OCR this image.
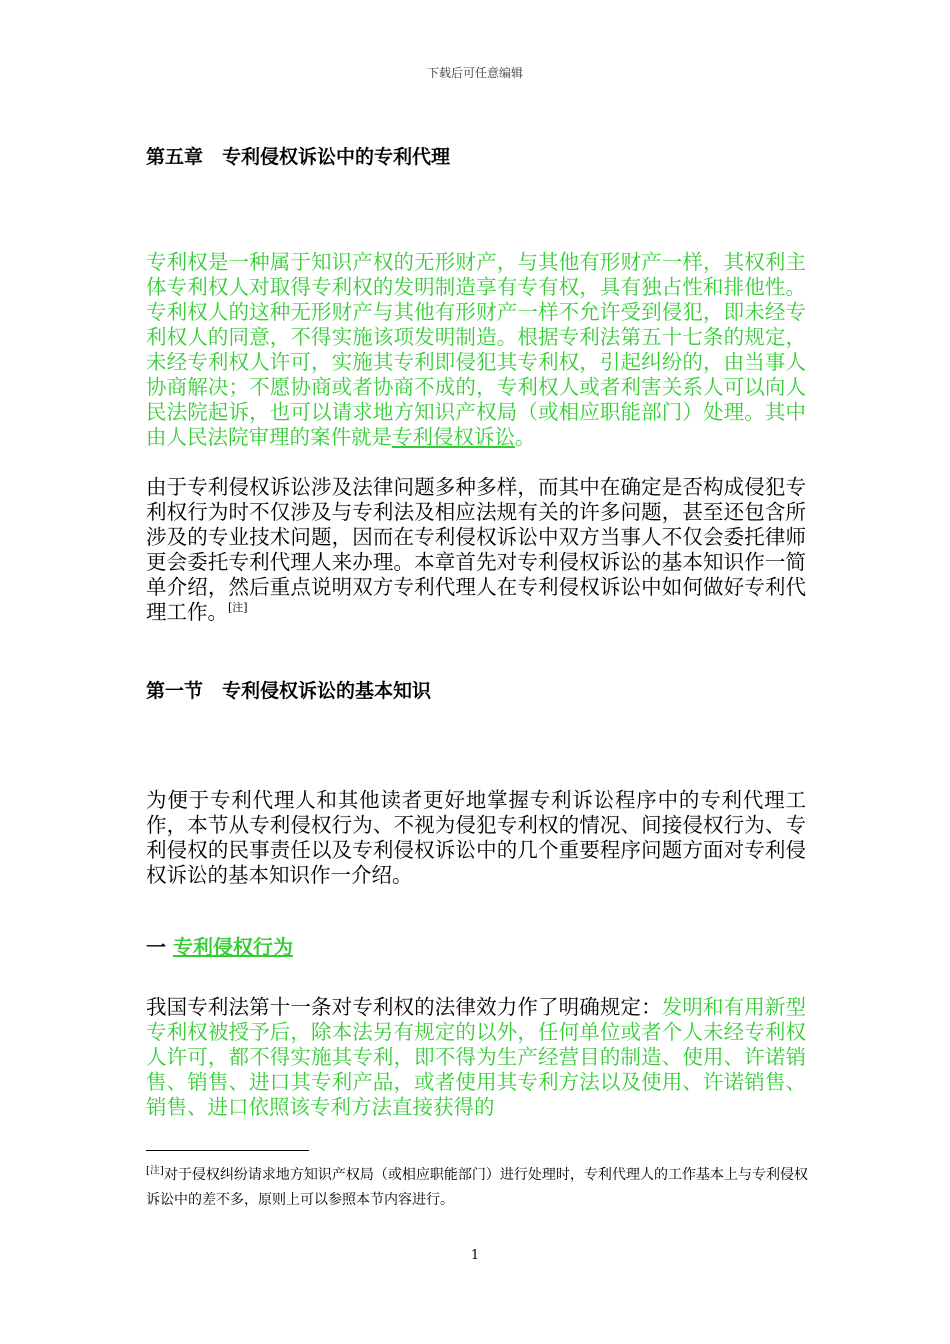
下载后可任意编辑
第五章　专利侵权诉讼中的专利代理

专利权是一种属于知识产权的无形财产，与其他有形财产一样，其权利主体专利权人对取得专利权的发明制造享有专有权，具有独占性和排他性。专利权人的这种无形财产与其他有形财产一样不允许受到侵犯，即未经专利权人的同意，不得实施该项发明制造。根据专利法第五十七条的规定，未经专利权人许可，实施其专利即侵犯其专利权，引起纠纷的，由当事人协商解决；不愿协商或者协商不成的，专利权人或者利害关系人可以向人民法院起诉，也可以请求地方知识产权局（或相应职能部门）处理。其中由人民法院审理的案件就是专利侵权诉讼。

由于专利侵权诉讼涉及法律问题多种多样，而其中在确定是否构成侵犯专利权行为时不仅涉及与专利法及相应法规有关的许多问题，甚至还包含所涉及的专业技术问题，因而在专利侵权诉讼中双方当事人不仅会委托律师更会委托专利代理人来办理。本章首先对专利侵权诉讼的基本知识作一简单介绍，然后重点说明双方专利代理人在专利侵权诉讼中如何做好专利代理工作。[注]

第一节　专利侵权诉讼的基本知识

为便于专利代理人和其他读者更好地掌握专利诉讼程序中的专利代理工作，本节从专利侵权行为、不视为侵犯专利权的情况、间接侵权行为、专利侵权的民事责任以及专利侵权诉讼中的几个重要程序问题方面对专利侵权诉讼的基本知识作一介绍。

一 专利侵权行为

我国专利法第十一条对专利权的法律效力作了明确规定：发明和有用新型专利权被授予后，除本法另有规定的以外，任何单位或者个人未经专利权人许可，都不得实施其专利，即不得为生产经营目的制造、使用、许诺销售、销售、进口其专利产品，或者使用其专利方法以及使用、许诺销售、销售、进口依照该专利方法直接获得的

[注]对于侵权纠纷请求地方知识产权局（或相应职能部门）进行处理时，专利代理人的工作基本上与专利侵权诉讼中的差不多，原则上可以参照本节内容进行。

1
